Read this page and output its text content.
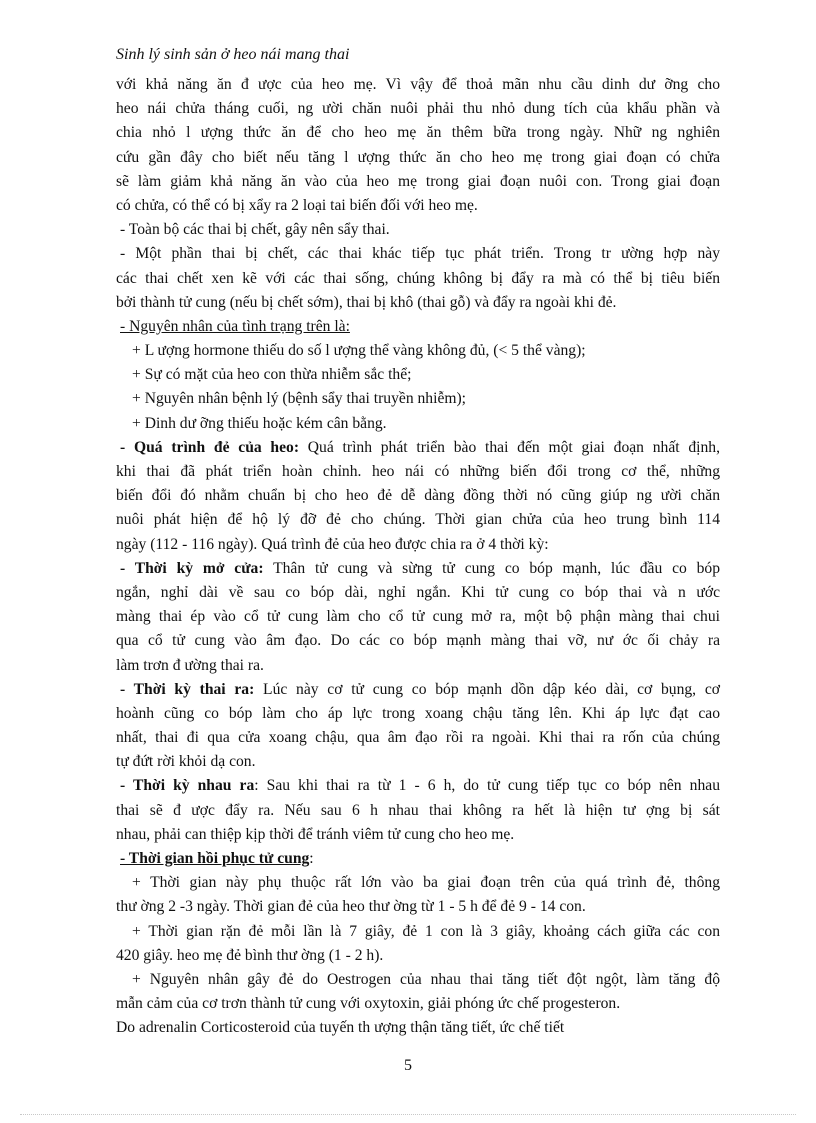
Sinh lý sinh sản ở heo nái mang thai
với khả năng ăn đ ược của heo mẹ. Vì vậy để thoả mãn nhu cầu dinh dư ỡng cho
heo nái chửa tháng cuối, ng ười chăn nuôi phải thu nhỏ dung tích của khẩu phần và
chia nhỏ l ượng thức ăn để cho heo mẹ ăn thêm bữa trong ngày. Nhữ ng nghiên
cứu gần đây cho biết nếu tăng l ượng thức ăn cho heo mẹ trong giai đoạn có chửa
sẽ làm giảm khả năng ăn vào của heo mẹ trong giai đoạn nuôi con. Trong giai đoạn
có chửa, có thể có bị xẩy ra 2 loại tai biến đối với heo mẹ.
- Toàn bộ các thai bị chết, gây nên sẩy thai.
- Một phần thai bị chết, các thai khác tiếp tục phát triển. Trong tr ường hợp này
các thai chết xen kẽ với các thai sống, chúng không bị đẩy ra mà có thể bị tiêu biến
bởi thành tử cung (nếu bị chết sớm), thai bị khô (thai gỗ) và đẩy ra ngoài khi đẻ.
- Nguyên nhân của tình trạng trên là:
+ L ượng hormone thiếu do số l ượng thể vàng không đủ, (< 5 thể vàng);
+ Sự có mặt của heo con thừa nhiễm sắc thể;
+ Nguyên nhân bệnh lý (bệnh sẩy thai truyền nhiễm);
+ Dinh dư ỡng thiếu hoặc kém cân bằng.
- Quá trình đẻ của heo: Quá trình phát triển bào thai đến một giai đoạn nhất định,
khi thai đã phát triển hoàn chỉnh. heo nái có những biến đổi trong cơ thể, những
biến đổi đó nhằm chuẩn bị cho heo đẻ dễ dàng đồng thời nó cũng giúp ng ười chăn
nuôi phát hiện để hộ lý đỡ đẻ cho chúng. Thời gian chửa của heo trung bình 114
ngày (112 - 116 ngày). Quá trình đẻ của heo được chia ra ở 4 thời kỳ:
- Thời kỳ mở cửa: Thân tử cung và sừng tử cung co bóp mạnh, lúc đầu co bóp
ngắn, nghỉ dài về sau co bóp dài, nghỉ ngắn. Khi tử cung co bóp thai và n ước
màng thai ép vào cổ tử cung làm cho cổ tử cung mở ra, một bộ phận màng thai chui
qua cổ tử cung vào âm đạo. Do các co bóp mạnh màng thai vỡ, nư ớc ối chảy ra
làm trơn đ ường thai ra.
- Thời kỳ thai ra: Lúc này cơ tử cung co bóp mạnh dồn dập kéo dài, cơ bụng, cơ
hoành cũng co bóp làm cho áp lực trong xoang chậu tăng lên. Khi áp lực đạt cao
nhất, thai đi qua cửa xoang chậu, qua âm đạo rồi ra ngoài. Khi thai ra rốn của chúng
tự đứt rời khỏi dạ con.
- Thời kỳ nhau ra: Sau khi thai ra từ 1 - 6 h, do tử cung tiếp tục co bóp nên nhau
thai sẽ đ ược đẩy ra. Nếu sau 6 h nhau thai không ra hết là hiện tư ợng bị sát
nhau, phải can thiệp kịp thời để tránh viêm tử cung cho heo mẹ.
- Thời gian hồi phục tử cung:
+ Thời gian này phụ thuộc rất lớn vào ba giai đoạn trên của quá trình đẻ, thông
thư ờng 2 -3 ngày. Thời gian đẻ của heo thư ờng từ 1 - 5 h để đẻ 9 - 14 con.
+ Thời gian rặn đẻ mỗi lần là 7 giây, đẻ 1 con là 3 giây, khoảng cách giữa các con
420 giây. heo mẹ đẻ bình thư ờng (1 - 2 h).
+ Nguyên nhân gây đẻ do Oestrogen của nhau thai tăng tiết đột ngột, làm tăng độ
mẫn cảm của cơ trơn thành tử cung với oxytoxin, giải phóng ức chế progesteron.
Do adrenalin Corticosteroid của tuyến th ượng thận tăng tiết, ức chế tiết
5
